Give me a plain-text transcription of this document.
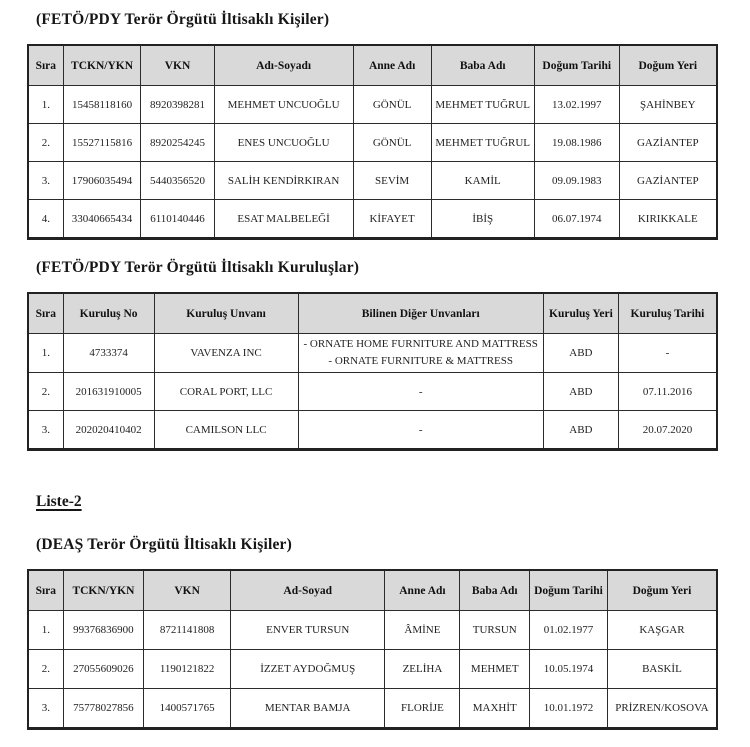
(FETÖ/PDY Terör Örgütü İltisaklı Kişiler)
Sıra	TCKN/YKN	VKN	Adı-Soyadı	Anne Adı	Baba Adı	Doğum Tarihi	Doğum Yeri
1.	15458118160	8920398281	MEHMET UNCUOĞLU	GÖNÜL	MEHMET TUĞRUL	13.02.1997	ŞAHİNBEY
2.	15527115816	8920254245	ENES UNCUOĞLU	GÖNÜL	MEHMET TUĞRUL	19.08.1986	GAZİANTEP
3.	17906035494	5440356520	SALİH KENDİRKIRAN	SEVİM	KAMİL	09.09.1983	GAZİANTEP
4.	33040665434	6110140446	ESAT MALBELEĞİ	KİFAYET	İBİŞ	06.07.1974	KIRIKKALE
(FETÖ/PDY Terör Örgütü İltisaklı Kuruluşlar)
Sıra	Kuruluş No	Kuruluş Unvanı	Bilinen Diğer Unvanları	Kuruluş Yeri	Kuruluş Tarihi
1.	4733374	VAVENZA INC	- ORNATE HOME FURNITURE AND MATTRESS
- ORNATE FURNITURE & MATTRESS	ABD	-
2.	201631910005	CORAL PORT, LLC	-	ABD	07.11.2016
3.	202020410402	CAMILSON LLC	-	ABD	20.07.2020
Liste-2
(DEAŞ Terör Örgütü İltisaklı Kişiler)
Sıra	TCKN/YKN	VKN	Ad-Soyad	Anne Adı	Baba Adı	Doğum Tarihi	Doğum Yeri
1.	99376836900	8721141808	ENVER TURSUN	ÂMİNE	TURSUN	01.02.1977	KAŞGAR
2.	27055609026	1190121822	İZZET AYDOĞMUŞ	ZELİHA	MEHMET	10.05.1974	BASKİL
3.	75778027856	1400571765	MENTAR BAMJA	FLORİJE	MAXHİT	10.01.1972	PRİZREN/KOSOVA
